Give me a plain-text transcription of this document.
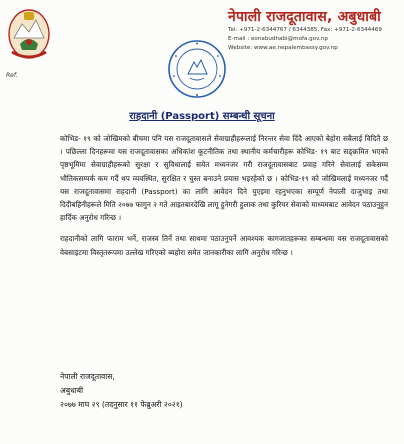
Ref.
नेपाली राजदूतावास, अबुधाबी
Tel: +971-2-6344767 / 6344385, Fax: +971-2-6344469
E-mail : eonabudhabi@mofa.gov.np
Website: www.ae.nepalembassy.gov.np
राहदानी (Passport) सम्बन्धी सूचना

कोभिड- १९ को जोखिमको बीचमा पनि यस राजदूतावासले सेवाग्राहीहरूलाई निरन्तर सेवा दिंदै आएको बेहोरा सबैलाई विदितै छ । पछिल्ला दिनहरूमा यस राजदूतावासका अधिकांश कूटनीतिक तथा स्थानीय कर्मचारीहरू कोभिड- १९ बाट सङ्क्रमित भएको पृष्ठभूमिमा सेवाग्राहीहरूको सुरक्षा र सुविधालाई समेत मध्यनजर गरी राजदूतावासबाट प्रवाह गरिने सेवालाई सकेसम्म भौतिकसम्पर्क कम गर्दै थप व्यवस्थित, सुरक्षित र चुस्त बनाउने प्रयास भइरहेको छ । कोभिड-१९ को जोखिमलाई मध्यनजर गर्दै यस राजदूतावासमा राहदानी (Passport) का लागि आवेदन दिने युएइमा रहनुभएका सम्पूर्ण नेपाली दाजुभाइ तथा दिदीबहिनीहरूले मिति २०७७ फागुन २ गते आइतबारदेखि लागू हुनेगरी हुलाक तथा कुरियर सेवाको माध्यमबाट आवेदन पठाउनुहुन हार्दिक अनुरोध गरिन्छ ।

राहदानीको लागि फाराम भर्ने, राजस्व तिर्ने तथा साथमा पठाउनुपर्ने आवश्यक कागजातहरूका सम्बन्धमा यस राजदूतावासको वेबसाइटमा विस्तृतरूपमा उल्लेख गरिएको ब्यहोरा समेत जानकारीका लागि अनुरोध गरिन्छ ।

नेपाली राजदूतावास,
अबुधाबी
२०७७ माघ २९ (तदनुसार ११ फेब्रुअरी २०२१)
